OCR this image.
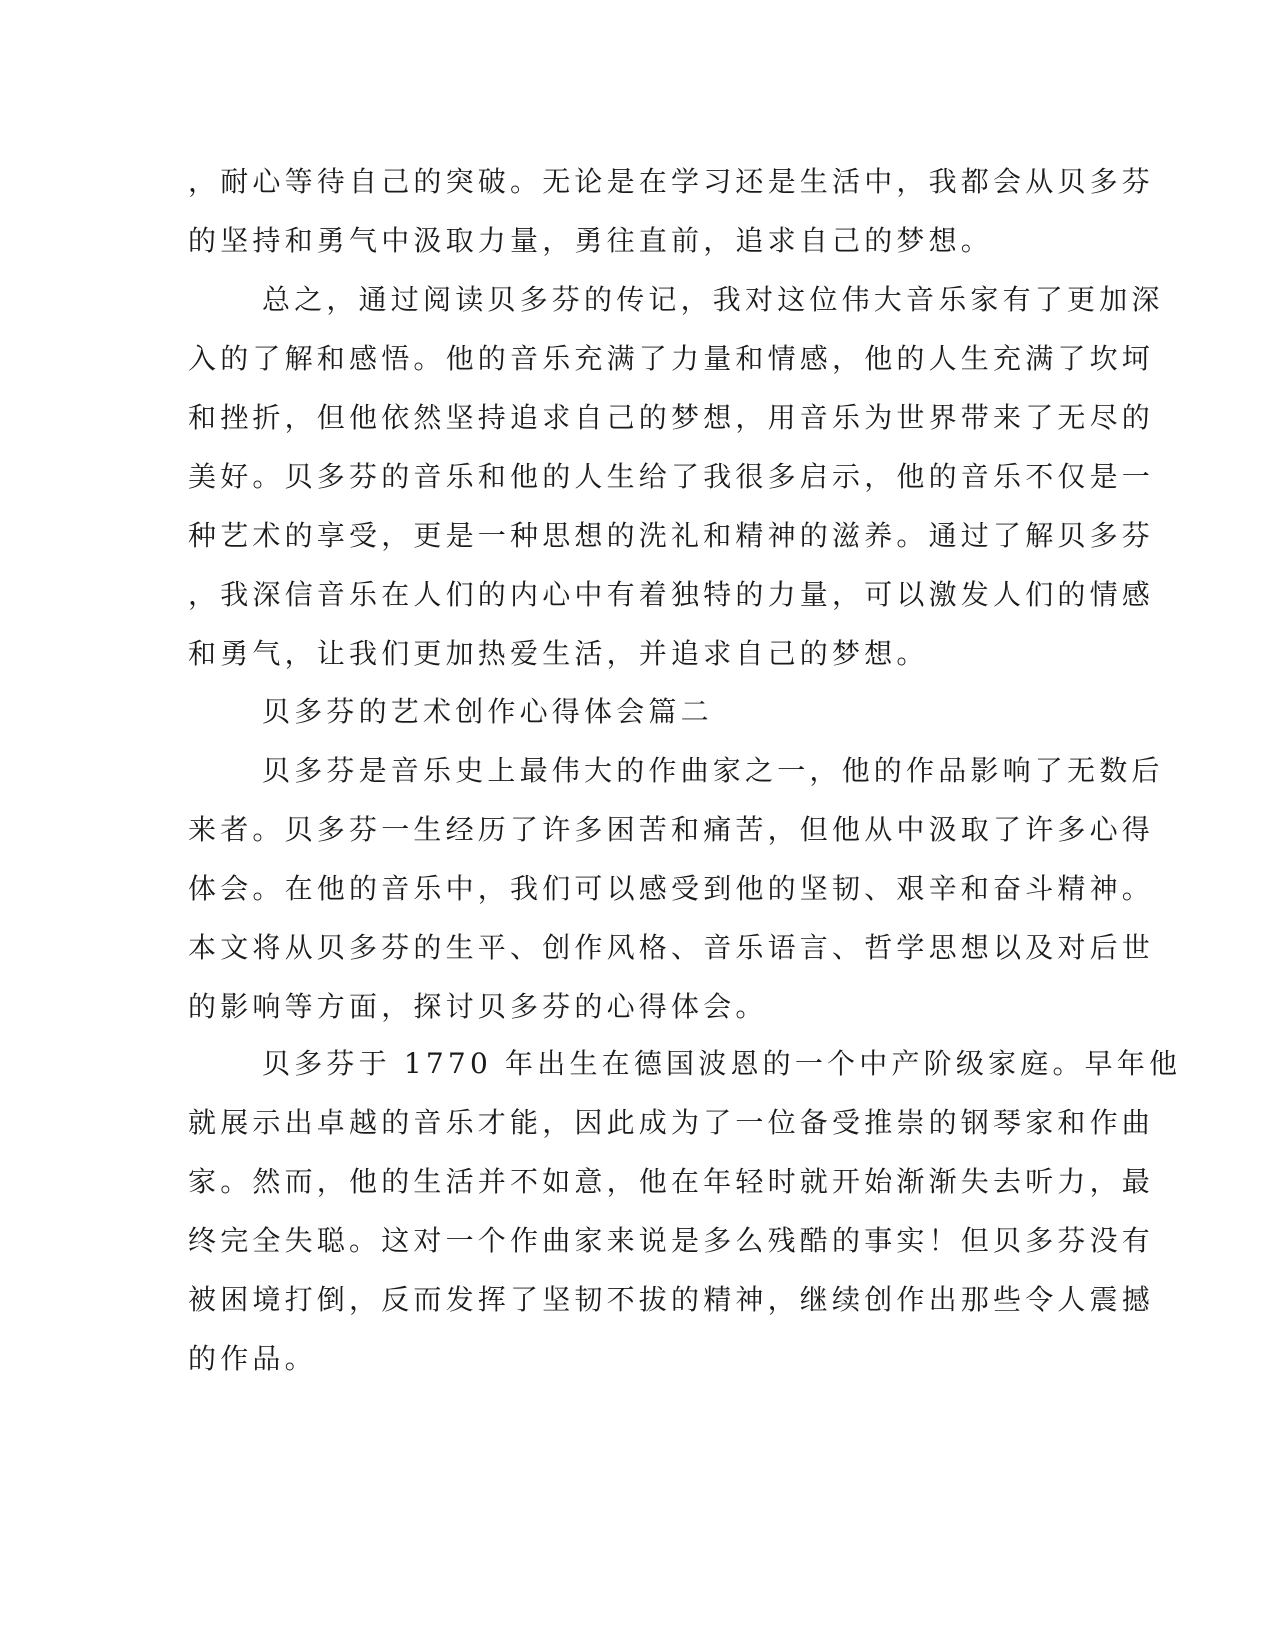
，耐心等待自己的突破。无论是在学习还是生活中，我都会从贝多芬
的坚持和勇气中汲取力量，勇往直前，追求自己的梦想。
总之，通过阅读贝多芬的传记，我对这位伟大音乐家有了更加深
入的了解和感悟。他的音乐充满了力量和情感，他的人生充满了坎坷
和挫折，但他依然坚持追求自己的梦想，用音乐为世界带来了无尽的
美好。贝多芬的音乐和他的人生给了我很多启示，他的音乐不仅是一
种艺术的享受，更是一种思想的洗礼和精神的滋养。通过了解贝多芬
，我深信音乐在人们的内心中有着独特的力量，可以激发人们的情感
和勇气，让我们更加热爱生活，并追求自己的梦想。
贝多芬的艺术创作心得体会篇二
贝多芬是音乐史上最伟大的作曲家之一，他的作品影响了无数后
来者。贝多芬一生经历了许多困苦和痛苦，但他从中汲取了许多心得
体会。在他的音乐中，我们可以感受到他的坚韧、艰辛和奋斗精神。
本文将从贝多芬的生平、创作风格、音乐语言、哲学思想以及对后世
的影响等方面，探讨贝多芬的心得体会。
贝多芬于 1770 年出生在德国波恩的一个中产阶级家庭。早年他
就展示出卓越的音乐才能，因此成为了一位备受推崇的钢琴家和作曲
家。然而，他的生活并不如意，他在年轻时就开始渐渐失去听力，最
终完全失聪。这对一个作曲家来说是多么残酷的事实！但贝多芬没有
被困境打倒，反而发挥了坚韧不拔的精神，继续创作出那些令人震撼
的作品。
